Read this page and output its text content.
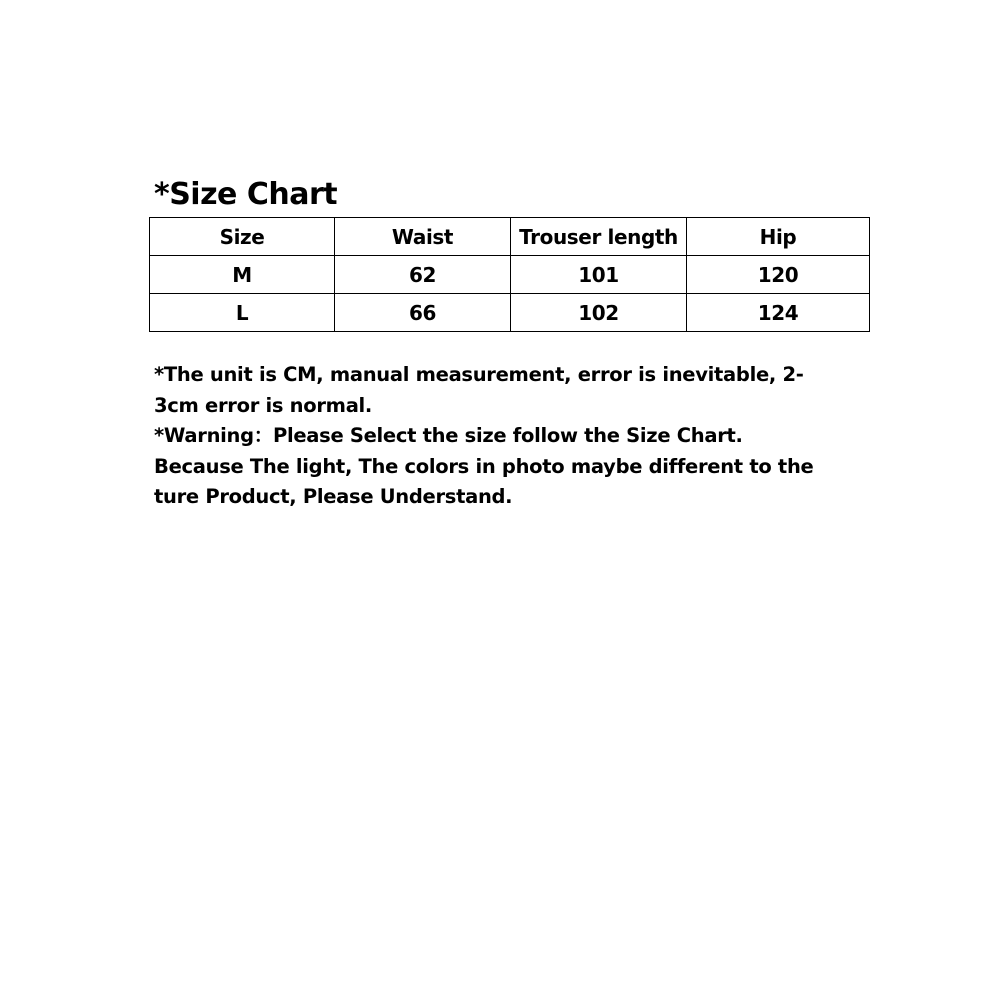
*Size Chart
Size	Waist	Trouser length	Hip
M	62	101	120
L	66	102	124
*The unit is CM, manual measurement, error is inevitable, 2-
3cm error is normal.
*Warning：Please Select the size follow the Size Chart.
Because The light, The colors in photo maybe different to the
ture Product, Please Understand.
